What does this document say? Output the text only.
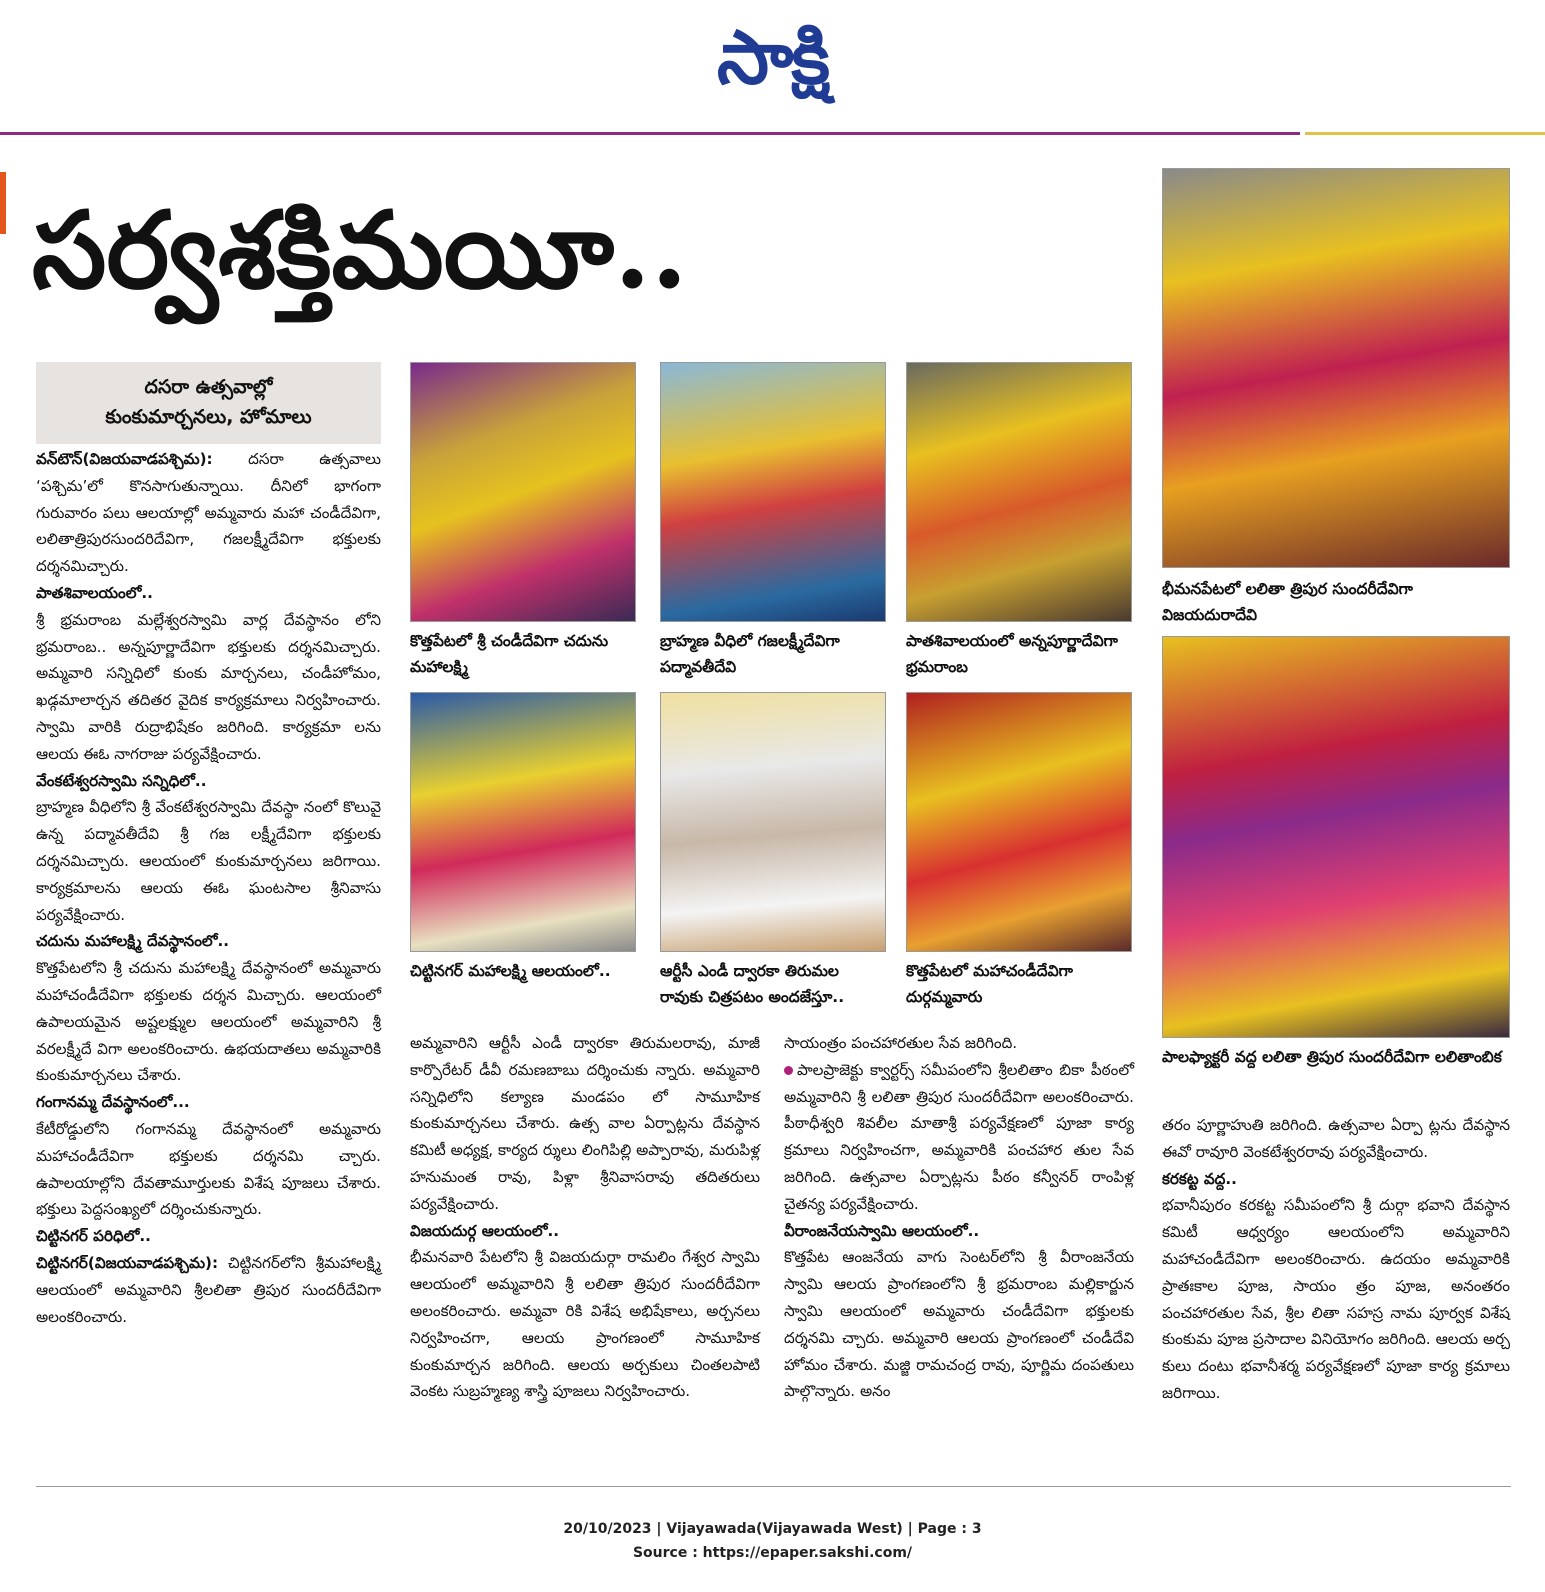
సాక్షి
సర్వశక్తిమయీ..
దసరా ఉత్సవాల్లో
కుంకుమార్చనలు, హోమాలు

వన్‌టౌన్‌(విజయవాడపశ్చిమ): దసరా ఉత్సవాలు ‘పశ్చిమ’లో కొనసాగుతున్నాయి. దీనిలో భాగంగా గురువారం పలు ఆలయాల్లో అమ్మవారు మహా చండీదేవిగా, లలితాత్రిపురసుందరిదేవిగా, గజలక్ష్మీదేవిగా భక్తులకు దర్శనమిచ్చారు.

పాతశివాలయంలో..

శ్రీ భ్రమరాంబ మల్లేశ్వరస్వామి వార్ల దేవస్థానం లోని భ్రమరాంబ.. అన్నపూర్ణాదేవిగా భక్తులకు దర్శనమిచ్చారు. అమ్మవారి సన్నిధిలో కుంకు మార్చనలు, చండీహోమం, ఖడ్గమాలార్చన తదితర వైదిక కార్యక్రమాలు నిర్వహించారు. స్వామి వారికి రుద్రాభిషేకం జరిగింది. కార్యక్రమా లను ఆలయ ఈఓ నాగరాజు పర్యవేక్షించారు.

వేంకటేశ్వరస్వామి సన్నిధిలో..

బ్రాహ్మణ వీధిలోని శ్రీ వేంకటేశ్వరస్వామి దేవస్థా నంలో కొలువై ఉన్న పద్మావతీదేవి శ్రీ గజ లక్ష్మీదేవిగా భక్తులకు దర్శనమిచ్చారు. ఆలయంలో కుంకుమార్చనలు జరిగాయి. కార్యక్రమాలను ఆలయ ఈఓ ఘంటసాల శ్రీనివాసు పర్యవేక్షించారు.

చదును మహాలక్ష్మి దేవస్థానంలో..

కొత్తపేటలోని శ్రీ చదును మహాలక్ష్మి దేవస్థానంలో అమ్మవారు మహాచండీదేవిగా భక్తులకు దర్శన మిచ్చారు. ఆలయంలో ఉపాలయమైన అష్టలక్ష్ముల ఆలయంలో అమ్మవారిని శ్రీ వరలక్ష్మీదే విగా అలంకరించారు. ఉభయదాతలు అమ్మవారికి కుంకుమార్చనలు చేశారు.

గంగానమ్మ దేవస్థానంలో...

కేటీరోడ్డులోని గంగానమ్మ దేవస్థానంలో అమ్మవారు మహాచండీదేవిగా భక్తులకు దర్శనమి చ్చారు. ఉపాలయాల్లోని దేవతామూర్తులకు విశేష పూజలు చేశారు. భక్తులు పెద్దసంఖ్యలో దర్శించుకున్నారు.

చిట్టినగర్‌ పరిధిలో..

చిట్టినగర్‌(విజయవాడపశ్చిమ): చిట్టినగర్‌లోని శ్రీమహాలక్ష్మి ఆలయంలో అమ్మవారిని శ్రీలలితా త్రిపుర సుందరీదేవిగా అలంకరించారు.

కొత్తపేటలో శ్రీ చండీదేవిగా చదును మహాలక్ష్మి
బ్రాహ్మణ వీధిలో గజలక్ష్మీదేవిగా పద్మావతీదేవి
పాతశివాలయంలో అన్నపూర్ణాదేవిగా భ్రమరాంబ
చిట్టినగర్‌ మహాలక్ష్మి ఆలయంలో..	ఆర్టీసీ ఎండీ ద్వారకా తిరుమల రావుకు చిత్రపటం అందజేస్తూ..
కొత్తపేటలో మహాచండీదేవిగా దుర్గమ్మవారు
భీమనపేటలో లలితా త్రిపుర సుందరీదేవిగా విజయదురాదేవి
పాలఫ్యాక్టరీ వద్ద లలితా త్రిపుర సుందరీదేవిగా లలితాంబిక

అమ్మవారిని ఆర్టీసీ ఎండీ ద్వారకా తిరుమలరావు, మాజీ కార్పొరేటర్‌ డీవీ రమణబాబు దర్శించుకు న్నారు. అమ్మవారి సన్నిధిలోని కల్యాణ మండపం లో సామూహిక కుంకుమార్చనలు చేశారు. ఉత్స వాల ఏర్పాట్లను దేవస్థాన కమిటీ అధ్యక్ష, కార్యద ర్శులు లింగిపిల్లి అప్పారావు, మరుపిళ్ల హనుమంత రావు, పిళ్లా శ్రీనివాసరావు తదితరులు పర్యవేక్షించారు.

విజయదుర్గ ఆలయంలో..

భీమనవారి పేటలోని శ్రీ విజయదుర్గా రామలిం గేశ్వర స్వామి ఆలయంలో అమ్మవారిని శ్రీ లలితా త్రిపుర సుందరీదేవిగా అలంకరించారు. అమ్మవా రికి విశేష అభిషేకాలు, అర్చనలు నిర్వహించగా, ఆలయ ప్రాంగణంలో సామూహిక కుంకుమార్చన జరిగింది. ఆలయ అర్చకులు చింతలపాటి వెంకట సుబ్రహ్మణ్య శాస్త్రి పూజలు నిర్వహించారు.

సాయంత్రం పంచహారతుల సేవ జరిగింది.

పాలప్రాజెక్టు క్వార్టర్స్‌ సమీపంలోని శ్రీలలితాం బికా పీఠంలో అమ్మవారిని శ్రీ లలితా త్రిపుర సుందరీదేవిగా అలంకరించారు. పీఠాధీశ్వరి శివలీల మాతాశ్రీ పర్యవేక్షణలో పూజా కార్య క్రమాలు నిర్వహించగా, అమ్మవారికి పంచహార తుల సేవ జరిగింది. ఉత్సవాల ఏర్పాట్లను పీఠం కన్వీనర్‌ రాంపిళ్ల చైతన్య పర్యవేక్షించారు.

వీరాంజనేయస్వామి ఆలయంలో..

కొత్తపేట ఆంజనేయ వాగు సెంటర్‌లోని శ్రీ వీరాంజనేయ స్వామి ఆలయ ప్రాంగణంలోని శ్రీ భ్రమరాంబ మల్లికార్జున స్వామి ఆలయంలో అమ్మవారు చండీదేవిగా భక్తులకు దర్శనమి చ్చారు. అమ్మవారి ఆలయ ప్రాంగణంలో చండీదేవి హోమం చేశారు. మజ్జి రామచంద్ర రావు, పూర్ణిమ దంపతులు పాల్గొన్నారు. అనం

తరం పూర్ణాహుతి జరిగింది. ఉత్సవాల ఏర్పా ట్లను దేవస్థాన ఈవో రావూరి వెంకటేశ్వరరావు పర్యవేక్షించారు.

కరకట్ట వద్ద..

భవానీపురం కరకట్ట సమీపంలోని శ్రీ దుర్గా భవాని దేవస్థాన కమిటీ ఆధ్వర్యం ఆలయంలోని అమ్మవారిని మహాచండీదేవిగా అలంకరించారు. ఉదయం అమ్మవారికి ప్రాతఃకాల పూజ, సాయం త్రం పూజ, అనంతరం పంచహారతుల సేవ, శ్రీల లితా సహస్ర నామ పూర్వక విశేష కుంకుమ పూజ ప్రసాదాల వినియోగం జరిగింది. ఆలయ అర్చ కులు దంటు భవానీశర్మ పర్యవేక్షణలో పూజా కార్య క్రమాలు జరిగాయి.

20/10/2023 | Vijayawada(Vijayawada West) | Page : 3
Source : https://epaper.sakshi.com/
